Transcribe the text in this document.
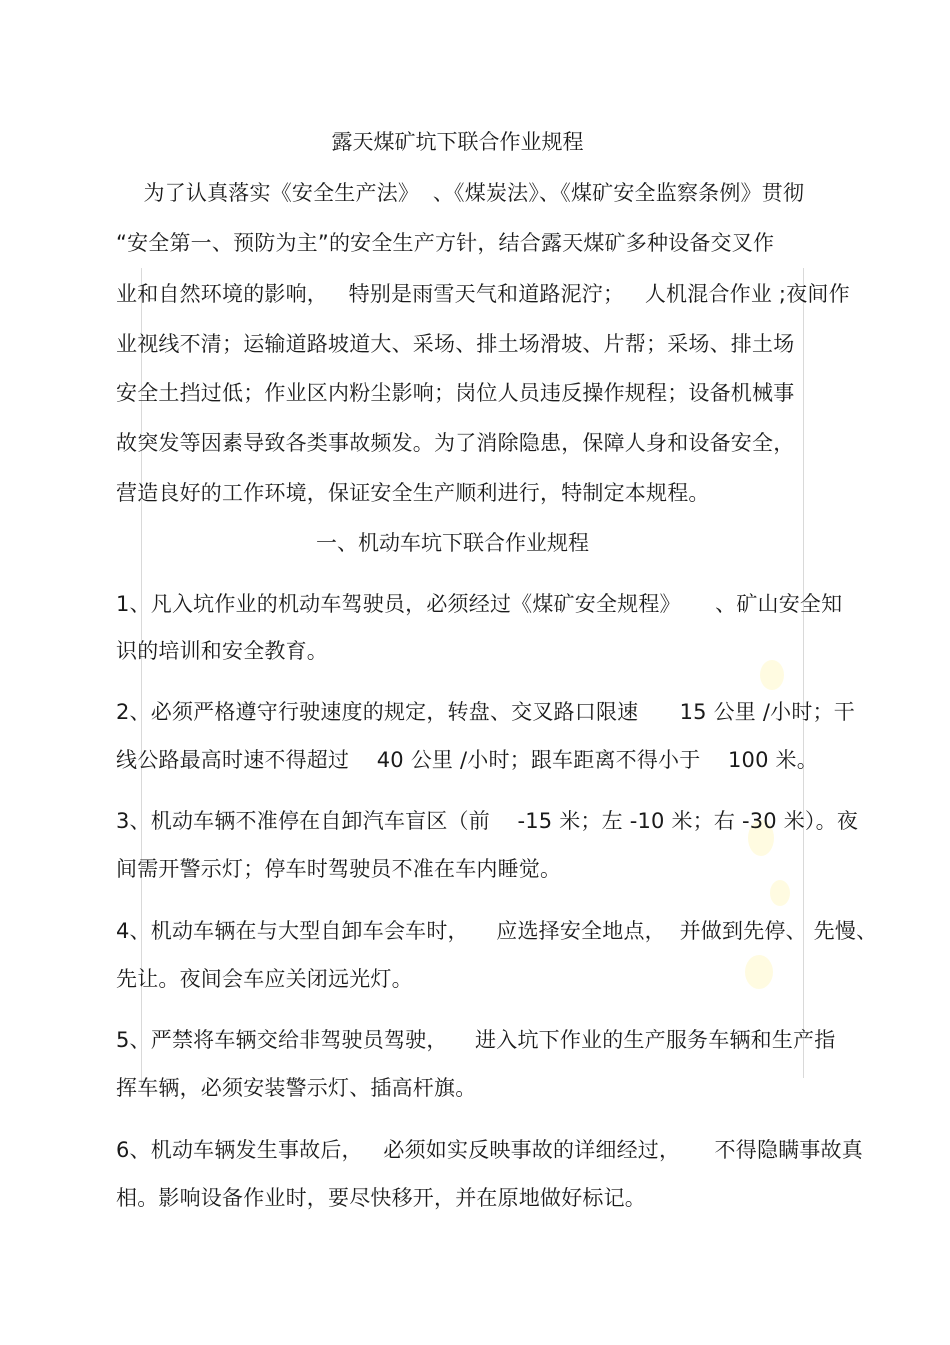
露天煤矿坑下联合作业规程
为了认真落实《安全生产法》  、《煤炭法》、《煤矿安全监察条例》贯彻
“安全第一、预防为主”的安全生产方针，结合露天煤矿多种设备交叉作
业和自然环境的影响，   特别是雨雪天气和道路泥泞；   人机混合作业 ;夜间作
业视线不清；运输道路坡道大、采场、排土场滑坡、片帮；采场、排土场
安全土挡过低；作业区内粉尘影响；岗位人员违反操作规程；设备机械事
故突发等因素导致各类事故频发。为了消除隐患，保障人身和设备安全，
营造良好的工作环境，保证安全生产顺利进行，特制定本规程。
一、机动车坑下联合作业规程
1、凡入坑作业的机动车驾驶员，必须经过《煤矿安全规程》     、矿山安全知
识的培训和安全教育。
2、必须严格遵守行驶速度的规定，转盘、交叉路口限速      15 公里 /小时；干
线公路最高时速不得超过    40 公里 /小时；跟车距离不得小于    100 米。
3、机动车辆不准停在自卸汽车盲区（前    -15 米；左 -10 米；右 -30 米）。夜
间需开警示灯；停车时驾驶员不准在车内睡觉。
4、机动车辆在与大型自卸车会车时，    应选择安全地点，  并做到先停、 先慢、
先让。夜间会车应关闭远光灯。
5、严禁将车辆交给非驾驶员驾驶，    进入坑下作业的生产服务车辆和生产指
挥车辆，必须安装警示灯、插高杆旗。
6、机动车辆发生事故后，   必须如实反映事故的详细经过，     不得隐瞒事故真
相。影响设备作业时，要尽快移开，并在原地做好标记。
